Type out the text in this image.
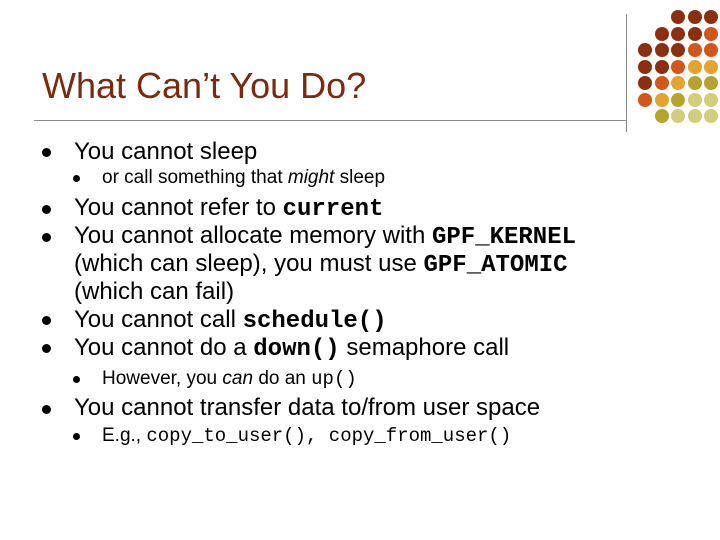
What Can’t You Do?
You cannot sleep
or call something that might sleep
You cannot refer to current
You cannot allocate memory with GPF_KERNEL
(which can sleep), you must use GPF_ATOMIC
(which can fail)
You cannot call schedule()
You cannot do a down() semaphore call
However, you can do an up()
You cannot transfer data to/from user space
E.g., copy_to_user(), copy_from_user()
